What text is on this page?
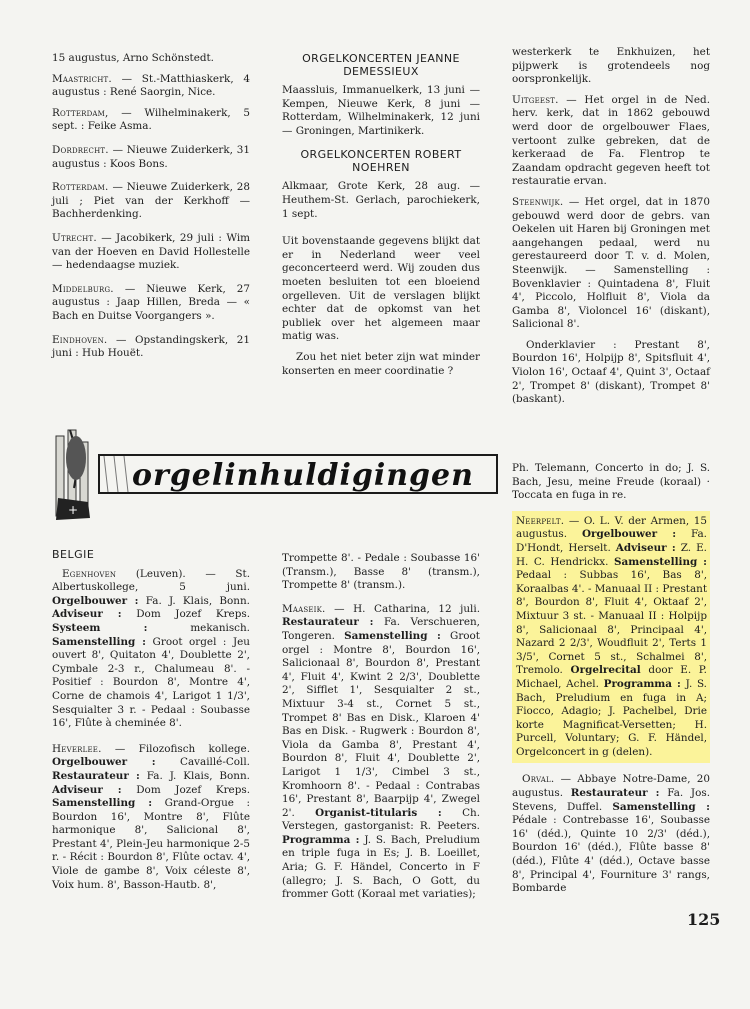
15 augustus, Arno Schönstedt.

Maastricht. — St.-Matthiaskerk, 4 augustus : René Saorgin, Nice.

Rotterdam, — Wilhelminakerk, 5 sept. : Feike Asma.

Dordrecht. — Nieuwe Zuiderkerk, 31 augustus : Koos Bons.

Rotterdam. — Nieuwe Zuiderkerk, 28 juli ; Piet van der Kerkhoff — Bachherdenking.

Utrecht. — Jacobikerk, 29 juli : Wim van der Hoeven en David Hollestelle — hedendaagse muziek.

Middelburg. — Nieuwe Kerk, 27 augustus : Jaap Hillen, Breda — « Bach en Duitse Voorgangers ».

Eindhoven. — Opstandingskerk, 21 juni : Hub Houët.

ORGELKONCERTEN JEANNE DEMESSIEUX

Maassluis, Immanuelkerk, 13 juni — Kempen, Nieuwe Kerk, 8 juni — Rotterdam, Wilhelminakerk, 12 juni — Groningen, Martinikerk.

ORGELKONCERTEN ROBERT NOEHREN

Alkmaar, Grote Kerk, 28 aug. — Heuthem-St. Gerlach, parochiekerk, 1 sept.

Uit bovenstaande gegevens blijkt dat er in Nederland weer veel geconcerteerd werd. Wij zouden dus moeten besluiten tot een bloeiend orgelleven. Uit de verslagen blijkt echter dat de opkomst van het publiek over het algemeen maar matig was.

Zou het niet beter zijn wat minder konserten en meer coordinatie ?

westerkerk te Enkhuizen, het pijpwerk is grotendeels nog oorspronkelijk.

Uitgeest. — Het orgel in de Ned. herv. kerk, dat in 1862 gebouwd werd door de orgelbouwer Flaes, vertoont zulke gebreken, dat de kerkeraad de Fa. Flentrop te Zaandam opdracht gegeven heeft tot restauratie ervan.

Steenwijk. — Het orgel, dat in 1870 gebouwd werd door de gebrs. van Oekelen uit Haren bij Groningen met aangehangen pedaal, werd nu gerestaureerd door T. v. d. Molen, Steenwijk. — Samenstelling : Bovenklavier : Quintadena 8', Fluit 4', Piccolo, Holfluit 8', Viola da Gamba 8', Violoncel 16' (diskant), Salicional 8'.

Onderklavier : Prestant 8', Bourdon 16', Holpijp 8', Spitsfluit 4', Violon 16', Octaaf 4', Quint 3', Octaaf 2', Trompet 8' (diskant), Trompet 8' (baskant).

+
orgelinhuldigingen
BELGIE

Egenhoven (Leuven). — St. Albertuskollege, 5 juni. Orgelbouwer : Fa. J. Klais, Bonn. Adviseur : Dom Jozef Kreps. Systeem : mekanisch. Samenstelling : Groot orgel : Jeu ouvert 8', Quitaton 4', Doublette 2', Cymbale 2-3 r., Chalumeau 8'. - Positief : Bourdon 8', Montre 4', Corne de chamois 4', Larigot 1 1/3', Sesquialter 3 r. - Pedaal : Soubasse 16', Flûte à cheminée 8'.

Heverlee. — Filozofisch kollege. Orgelbouwer : Cavaillé-Coll. Restaurateur : Fa. J. Klais, Bonn. Adviseur : Dom Jozef Kreps. Samenstelling : Grand-Orgue : Bourdon 16', Montre 8', Flûte harmonique 8', Salicional 8', Prestant 4', Plein-Jeu harmonique 2-5 r. - Récit : Bourdon 8', Flûte octav. 4', Viole de gambe 8', Voix céleste 8', Voix hum. 8', Basson-Hautb. 8',

Trompette 8'. - Pedale : Soubasse 16' (Transm.), Basse 8' (transm.), Trompette 8' (transm.).

Maaseik. — H. Catharina, 12 juli. Restaurateur : Fa. Verschueren, Tongeren. Samenstelling : Groot orgel : Montre 8', Bourdon 16', Salicionaal 8', Bourdon 8', Prestant 4', Fluit 4', Kwint 2 2/3', Doublette 2', Sifflet 1', Sesquialter 2 st., Mixtuur 3-4 st., Cornet 5 st., Trompet 8' Bas en Disk., Klaroen 4' Bas en Disk. - Rugwerk : Bourdon 8', Viola da Gamba 8', Prestant 4', Bourdon 8', Fluit 4', Doublette 2', Larigot 1 1/3', Cimbel 3 st., Kromhoorn 8'. - Pedaal : Contrabas 16', Prestant 8', Baarpijp 4', Zwegel 2'. Organist-titularis : Ch. Verstegen, gastorganist: R. Peeters. Programma : J. S. Bach, Preludium en triple fuga in Es; J. B. Loeillet, Aria; G. F. Händel, Concerto in F (allegro; J. S. Bach, O Gott, du frommer Gott (Koraal met variaties);

Ph. Telemann, Concerto in do; J. S. Bach, Jesu, meine Freude (koraal) · Toccata en fuga in re.

Neerpelt. — O. L. V. der Armen, 15 augustus. Orgelbouwer : Fa. D'Hondt, Herselt. Adviseur : Z. E. H. C. Hendrickx. Samenstelling : Pedaal : Subbas 16', Bas 8', Koraalbas 4'. - Manuaal II : Prestant 8', Bourdon 8', Fluit 4', Oktaaf 2', Mixtuur 3 st. - Manuaal II : Holpijp 8', Salicionaal 8', Principaal 4', Nazard 2 2/3', Woudfluit 2', Terts 1 3/5', Cornet 5 st., Schalmei 8', Tremolo. Orgelrecital door E. P. Michael, Achel. Programma : J. S. Bach, Preludium en fuga in A; Fiocco, Adagio; J. Pachelbel, Drie korte Magnificat-Versetten; H. Purcell, Voluntary; G. F. Händel, Orgelconcert in g (delen).

Orval. — Abbaye Notre-Dame, 20 augustus. Restaurateur : Fa. Jos. Stevens, Duffel. Samenstelling : Pédale : Contrebasse 16', Soubasse 16' (déd.), Quinte 10 2/3' (déd.), Bourdon 16' (déd.), Flûte basse 8' (déd.), Flûte 4' (déd.), Octave basse 8', Principal 4', Fourniture 3' rangs, Bombarde

125
